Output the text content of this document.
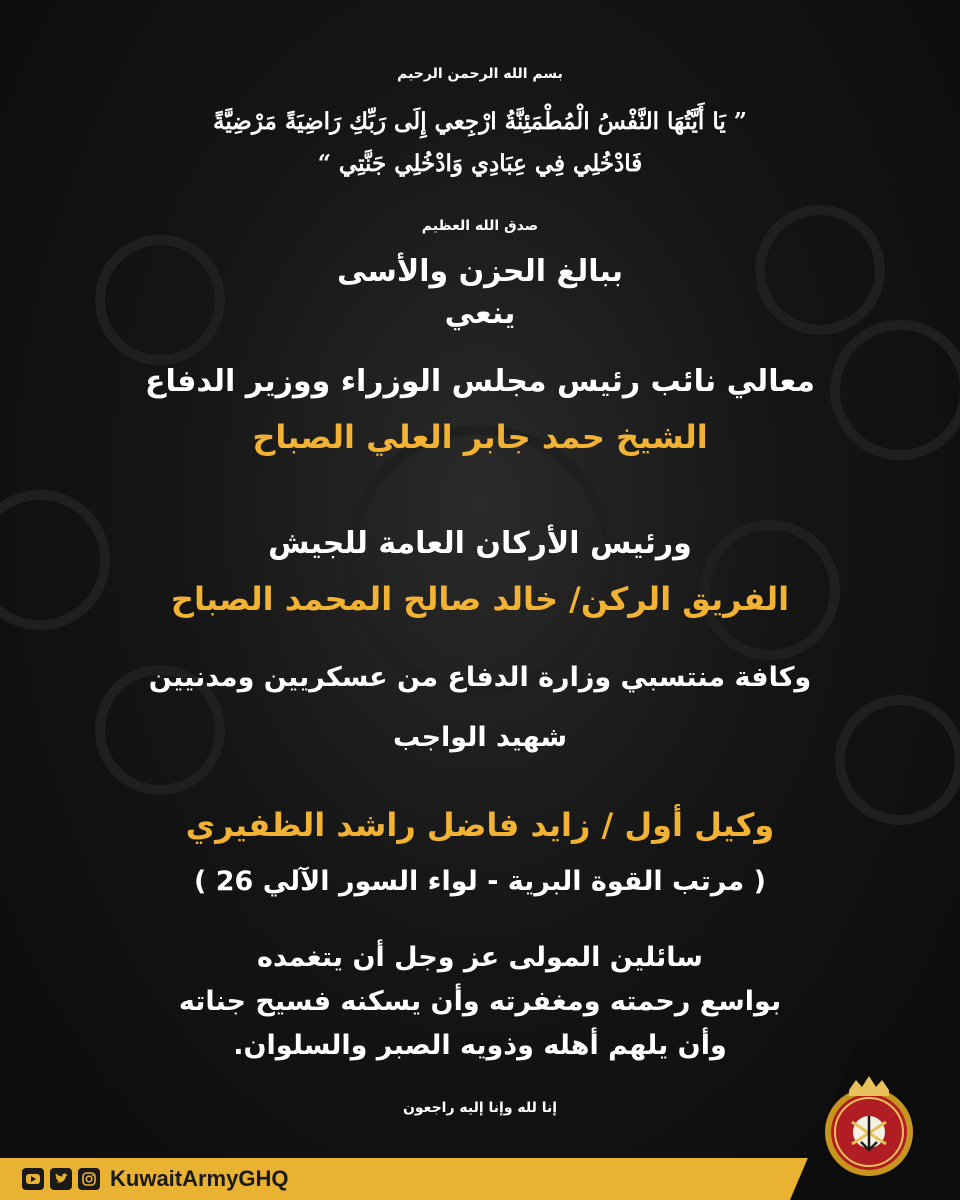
بسم الله الرحمن الرحيم
” يَا أَيَّتُهَا النَّفْسُ الْمُطْمَئِنَّةُ ارْجِعي إِلَى رَبِّكِ رَاضِيَةً مَرْضِيَّةً
فَادْخُلِي فِي عِبَادِي وَادْخُلِي جَنَّتِي “
صدق الله العظيم
ببالغ الحزن والأسى
ينعي
معالي نائب رئيس مجلس الوزراء ووزير الدفاع
الشيخ حمد جابر العلي الصباح
ورئيس الأركان العامة للجيش
الفريق الركن/ خالد صالح المحمد الصباح
وكافة منتسبي وزارة الدفاع من عسكريين ومدنيين
شهيد الواجب
وكيل أول / زايد فاضل راشد الظفيري
( مرتب القوة البرية - لواء السور الآلي 26 )
سائلين المولى عز وجل أن يتغمده
بواسع رحمته ومغفرته وأن يسكنه فسيح جناته
وأن يلهم أهله وذويه الصبر والسلوان.
إنا لله وإنا إليه راجعون
KuwaitArmyGHQ
